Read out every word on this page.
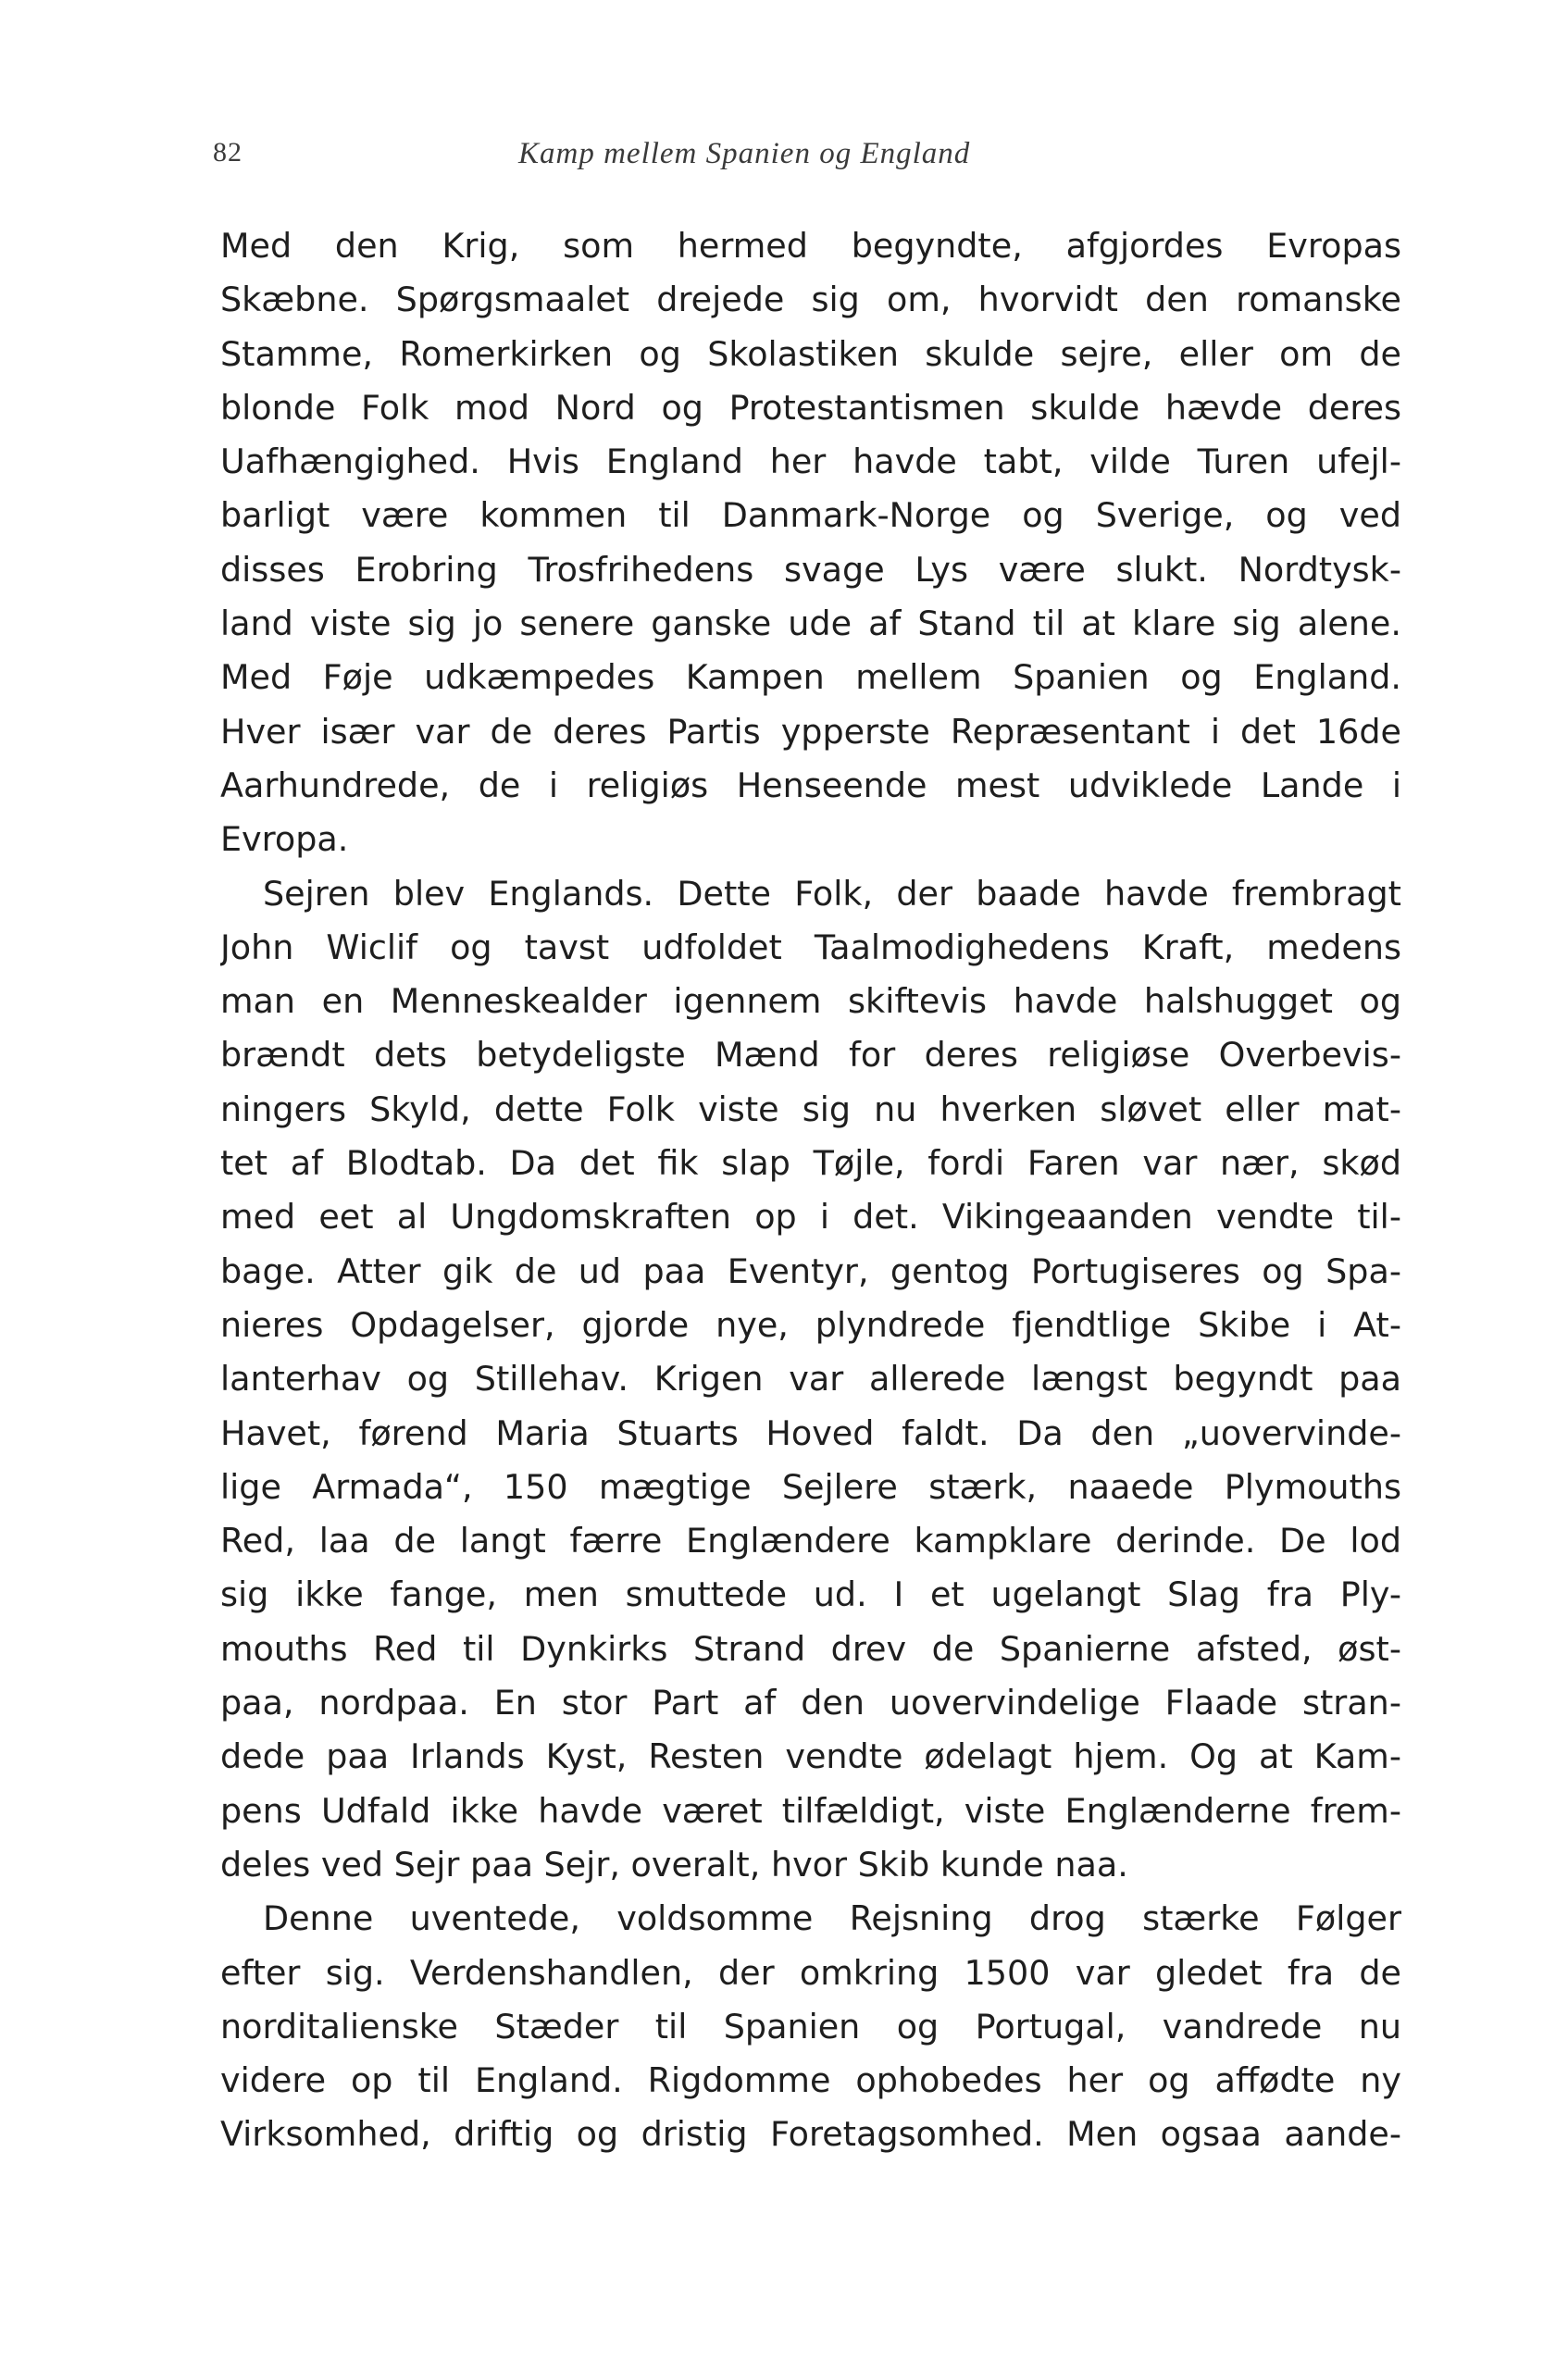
82	Kamp mellem Spanien og England
Med den Krig, som hermed begyndte, afgjordes Evropas
Skæbne. Spørgsmaalet drejede sig om, hvorvidt den romanske
Stamme, Romerkirken og Skolastiken skulde sejre, eller om de
blonde Folk mod Nord og Protestantismen skulde hævde deres
Uafhængighed. Hvis England her havde tabt, vilde Turen ufejl-
barligt være kommen til Danmark-Norge og Sverige, og ved
disses Erobring Trosfrihedens svage Lys være slukt. Nordtysk-
land viste sig jo senere ganske ude af Stand til at klare sig alene.
Med Føje udkæmpedes Kampen mellem Spanien og England.
Hver især var de deres Partis ypperste Repræsentant i det 16de
Aarhundrede, de i religiøs Henseende mest udviklede Lande i
Evropa.
Sejren blev Englands. Dette Folk, der baade havde frembragt
John Wiclif og tavst udfoldet Taalmodighedens Kraft, medens
man en Menneskealder igennem skiftevis havde halshugget og
brændt dets betydeligste Mænd for deres religiøse Overbevis-
ningers Skyld, dette Folk viste sig nu hverken sløvet eller mat-
tet af Blodtab. Da det fik slap Tøjle, fordi Faren var nær, skød
med eet al Ungdomskraften op i det. Vikingeaanden vendte til-
bage. Atter gik de ud paa Eventyr, gentog Portugiseres og Spa-
nieres Opdagelser, gjorde nye, plyndrede fjendtlige Skibe i At-
lanterhav og Stillehav. Krigen var allerede længst begyndt paa
Havet, førend Maria Stuarts Hoved faldt. Da den „uovervinde-
lige Armada“, 150 mægtige Sejlere stærk, naaede Plymouths
Red, laa de langt færre Englændere kampklare derinde. De lod
sig ikke fange, men smuttede ud. I et ugelangt Slag fra Ply-
mouths Red til Dynkirks Strand drev de Spanierne afsted, øst-
paa, nordpaa. En stor Part af den uovervindelige Flaade stran-
dede paa Irlands Kyst, Resten vendte ødelagt hjem. Og at Kam-
pens Udfald ikke havde været tilfældigt, viste Englænderne frem-
deles ved Sejr paa Sejr, overalt, hvor Skib kunde naa.
Denne uventede, voldsomme Rejsning drog stærke Følger
efter sig. Verdenshandlen, der omkring 1500 var gledet fra de
norditalienske Stæder til Spanien og Portugal, vandrede nu
videre op til England. Rigdomme ophobedes her og affødte ny
Virksomhed, driftig og dristig Foretagsomhed. Men ogsaa aande-
